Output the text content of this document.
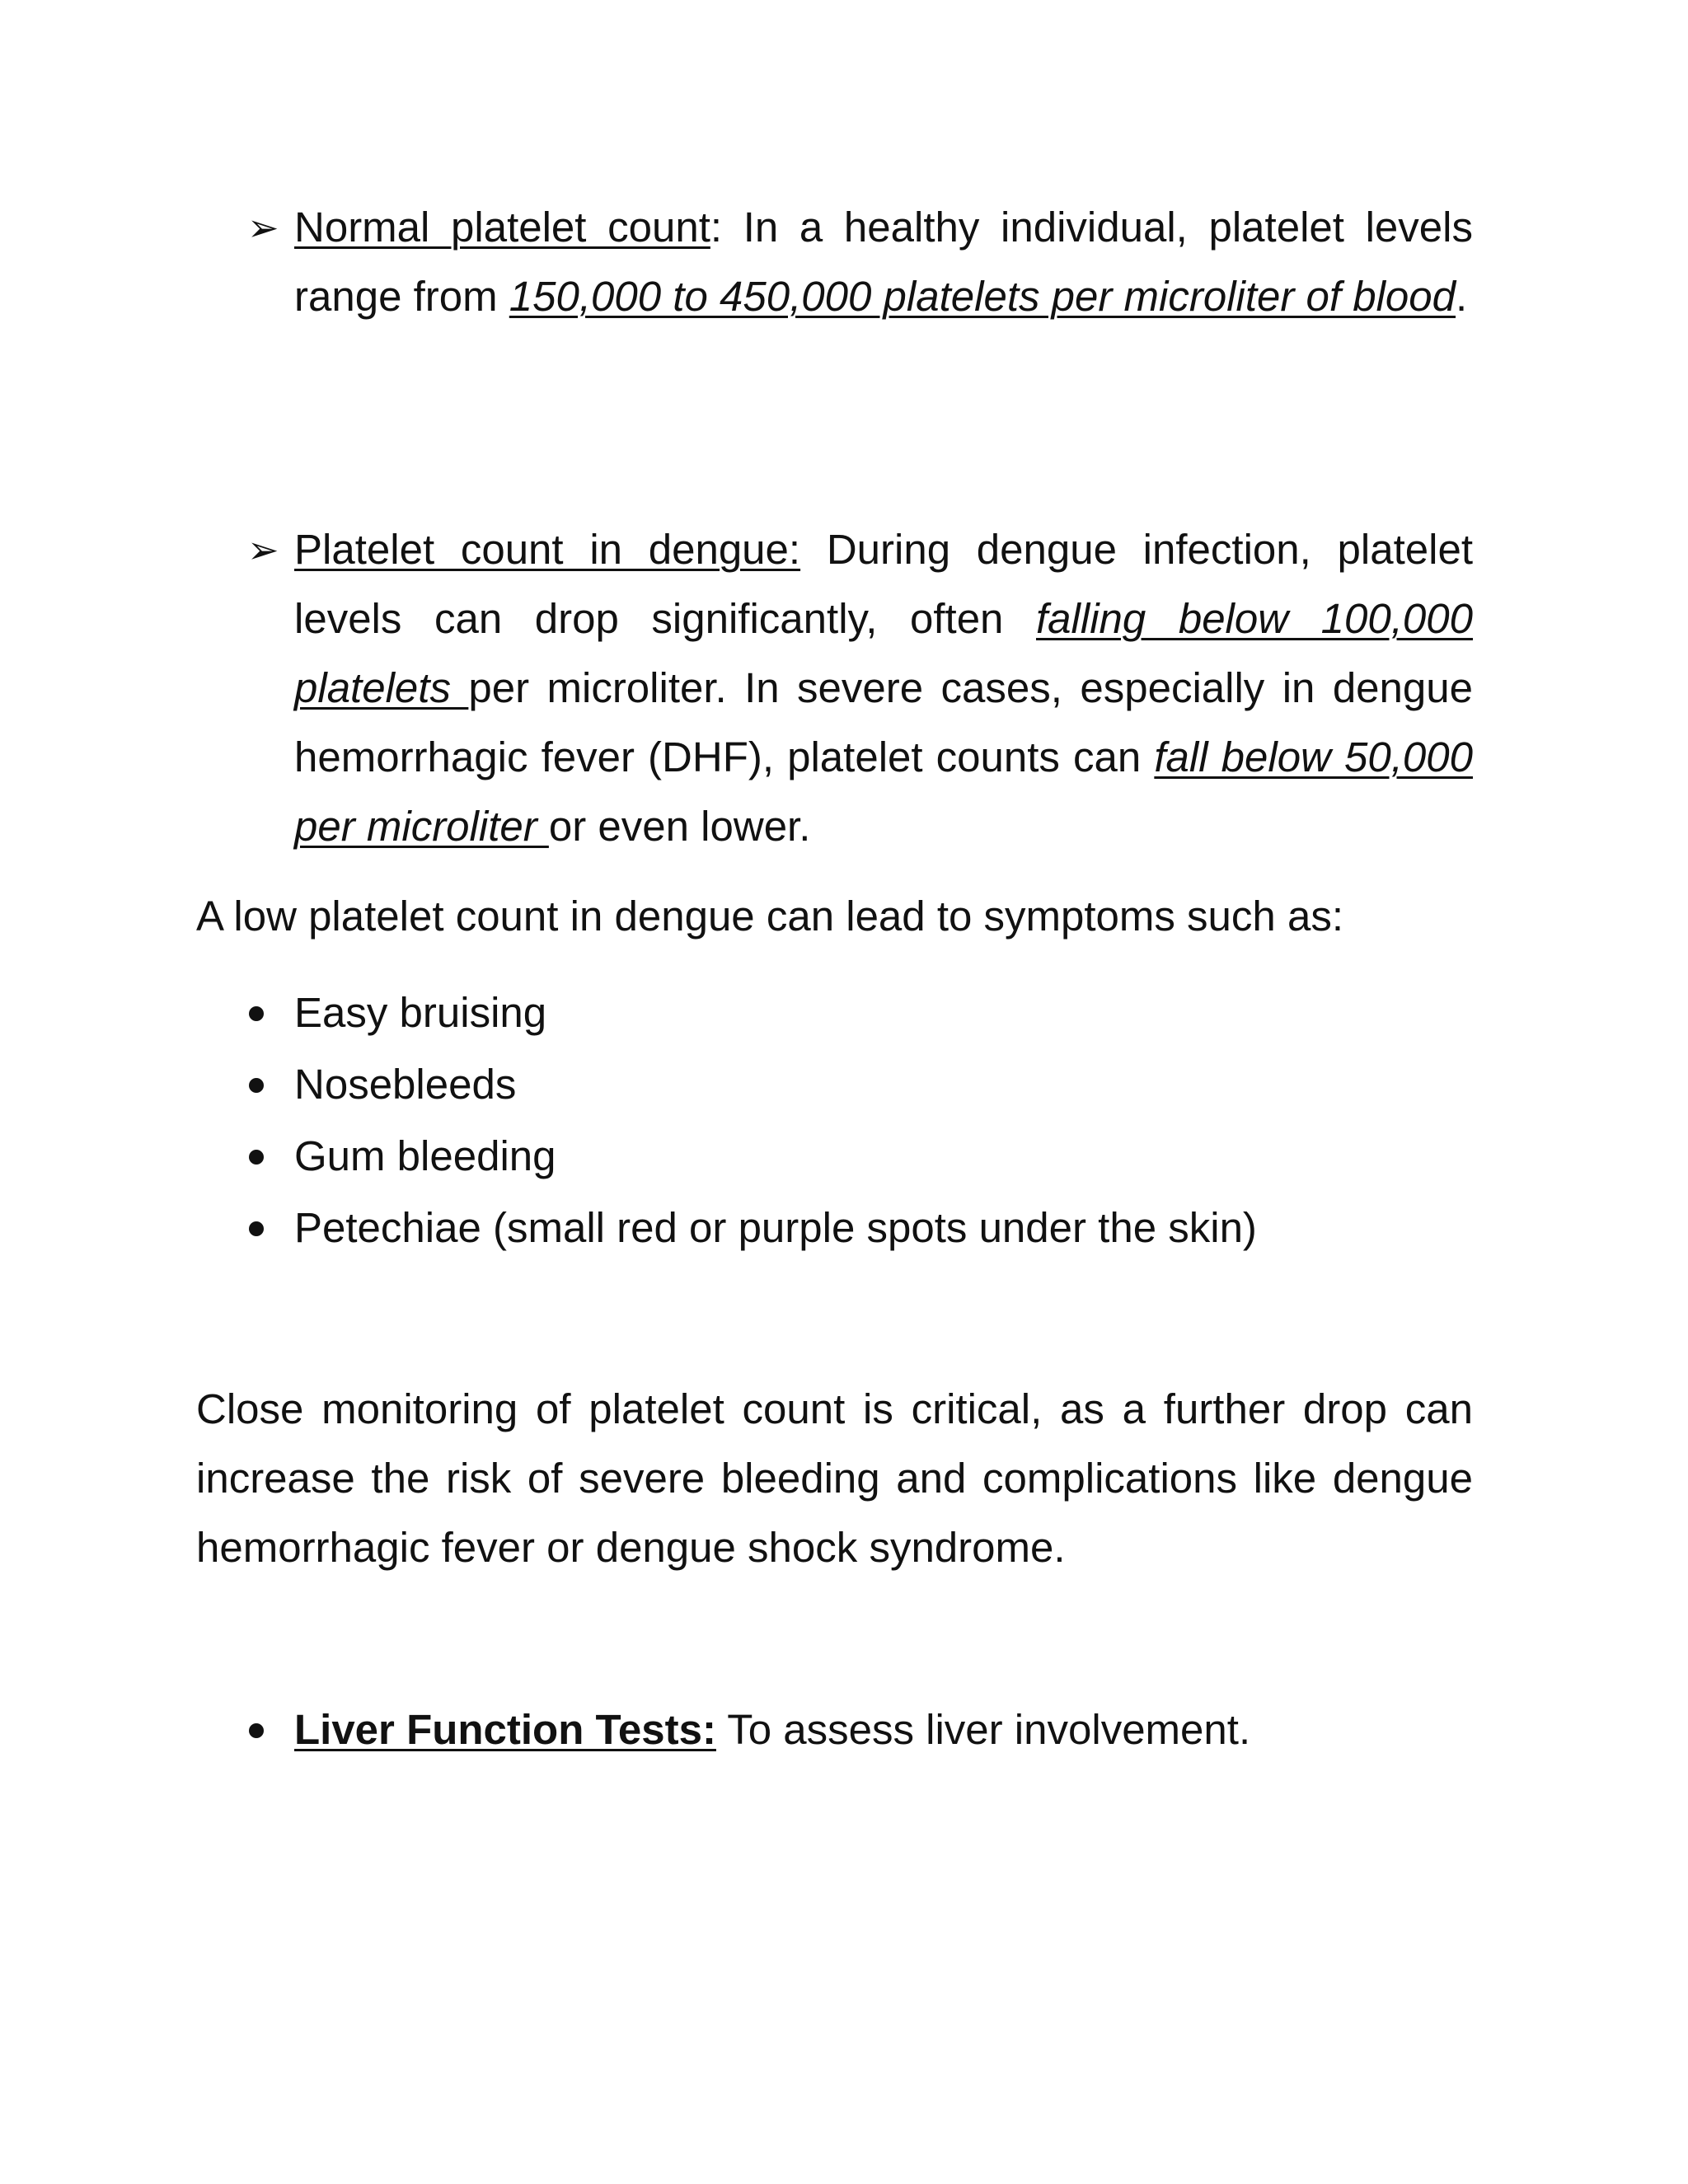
➢ Normal platelet count: In a healthy individual, platelet levels range from 150,000 to 450,000 platelets per microliter of blood.
➢ Platelet count in dengue: During dengue infection, platelet levels can drop significantly, often falling below 100,000 platelets per microliter. In severe cases, especially in dengue hemorrhagic fever (DHF), platelet counts can fall below 50,000 per microliter or even lower.
A low platelet count in dengue can lead to symptoms such as:
Easy bruising
Nosebleeds
Gum bleeding
Petechiae (small red or purple spots under the skin)
Close monitoring of platelet count is critical, as a further drop can increase the risk of severe bleeding and complications like dengue hemorrhagic fever or dengue shock syndrome.
Liver Function Tests: To assess liver involvement.
